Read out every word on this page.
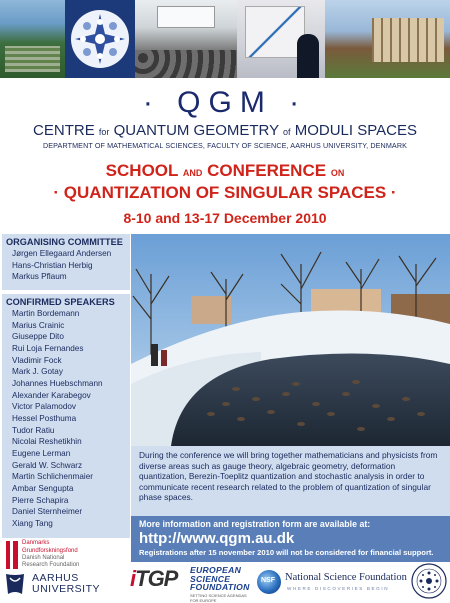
· QGM ·
CENTRE for QUANTUM GEOMETRY of MODULI SPACES
DEPARTMENT OF MATHEMATICAL SCIENCES, FACULTY OF SCIENCE, AARHUS UNIVERSITY, DENMARK
SCHOOL AND CONFERENCE ON
· QUANTIZATION OF SINGULAR SPACES ·
8-10 and 13-17 December 2010
ORGANISING COMMITTEE
Jørgen Ellegaard Andersen
Hans-Christian Herbig
Markus Pflaum
CONFIRMED SPEAKERS
Martin Bordemann
Marius Crainic
Giuseppe Dito
Rui Loja Fernandes
Vladimir Fock
Mark J. Gotay
Johannes Huebschmann
Alexander Karabegov
Victor Palamodov
Hessel Posthuma
Tudor Ratiu
Nicolai Reshetikhin
Eugene Lerman
Gerald W. Schwarz
Martin Schlichenmaier
Ambar Sengupta
Pierre Schapira
Daniel Sternheimer
Xiang Tang
Danmarks
Grundforskningsfond
Danish National
Research Foundation
AARHUS
UNIVERSITY
During the conference we will bring together mathematicians and physicists from diverse areas such as gauge theory, algebraic geometry, deformation quantization, Berezin-Toeplitz quantization and stochastic analysis in order to communicate recent research related to the problem of quantization of singular phase spaces.
More information and registration form are available at:
http://www.qgm.au.dk
Registrations after 15 november 2010 will not be considered for financial support.
iTGP	EUROPEAN
SCIENCE
FOUNDATION
SETTING SCIENCE AGENDAS FOR EUROPE
NSF National Science Foundation
WHERE DISCOVERIES BEGIN
